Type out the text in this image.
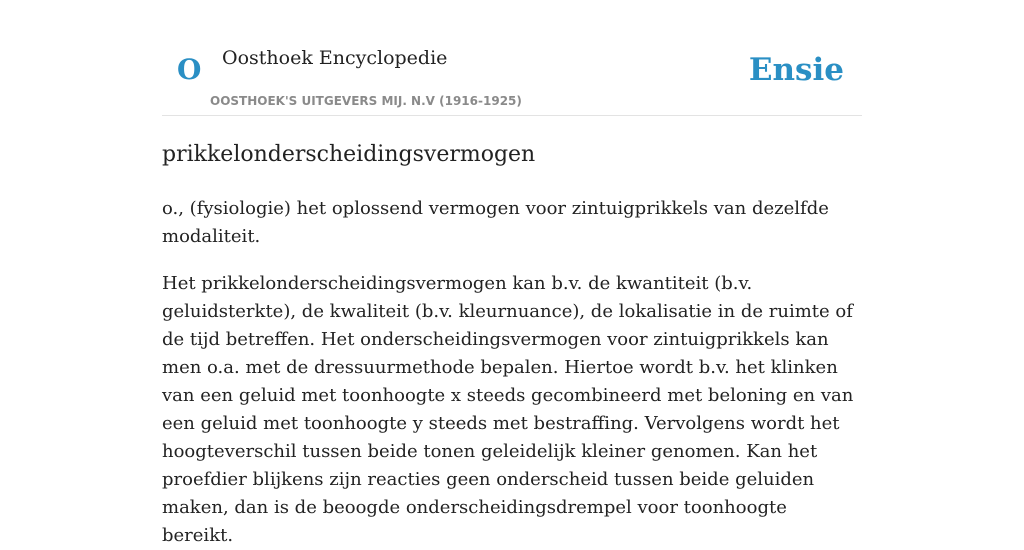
O Oosthoek Encyclopedie
OOSTHOEK'S UITGEVERS MIJ. N.V (1916-1925)
Ensie
prikkelonderscheidingsvermogen

o., (fysiologie) het oplossend vermogen voor zintuigprikkels van dezelfde modaliteit.

Het prikkelonderscheidingsvermogen kan b.v. de kwantiteit (b.v. geluidsterkte), de kwaliteit (b.v. kleurnuance), de lokalisatie in de ruimte of de tijd betreffen. Het onderscheidingsvermogen voor zintuigprikkels kan men o.a. met de dressuurmethode bepalen. Hiertoe wordt b.v. het klinken van een geluid met toonhoogte x steeds gecombineerd met beloning en van een geluid met toonhoogte y steeds met bestraffing. Vervolgens wordt het hoogteverschil tussen beide tonen geleidelijk kleiner genomen. Kan het proefdier blijkens zijn reacties geen onderscheid tussen beide geluiden maken, dan is de beoogde onderscheidingsdrempel voor toonhoogte bereikt.
